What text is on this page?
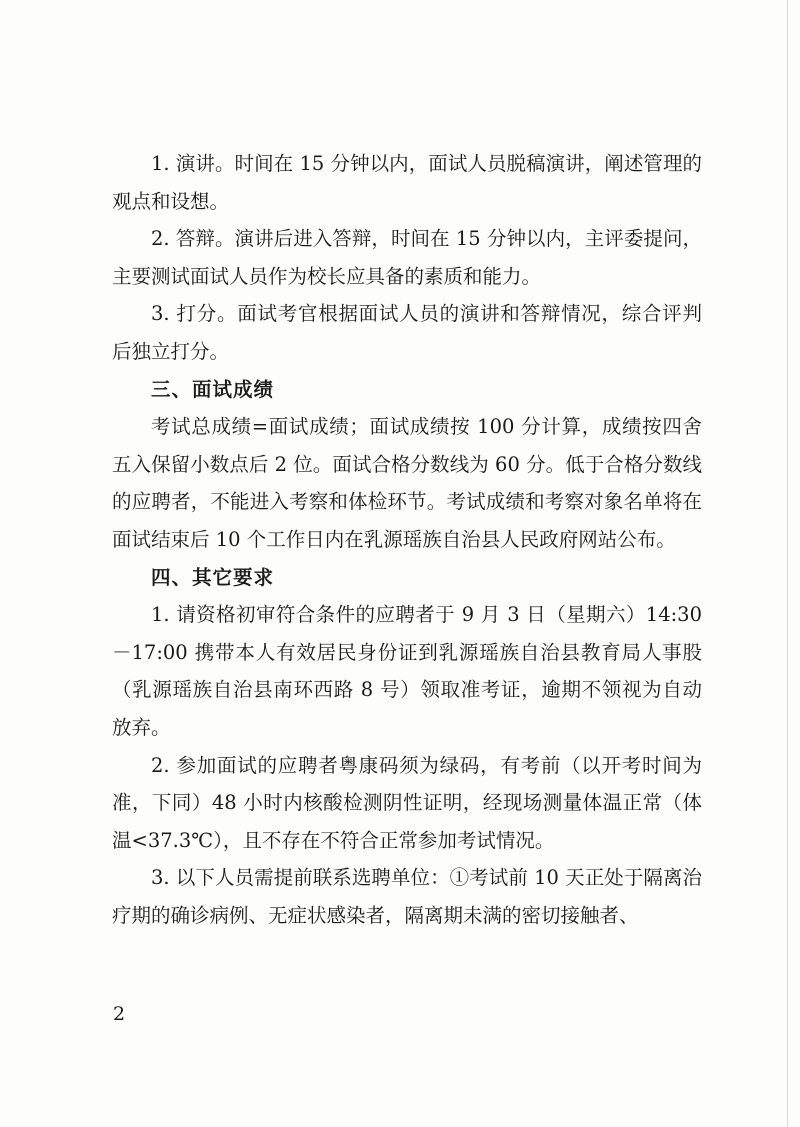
1. 演讲。时间在 15 分钟以内，面试人员脱稿演讲，阐述管理的观点和设想。

2. 答辩。演讲后进入答辩，时间在 15 分钟以内，主评委提问，主要测试面试人员作为校长应具备的素质和能力。

3. 打分。面试考官根据面试人员的演讲和答辩情况，综合评判后独立打分。

三、面试成绩

考试总成绩=面试成绩；面试成绩按 100 分计算，成绩按四舍五入保留小数点后 2 位。面试合格分数线为 60 分。低于合格分数线的应聘者，不能进入考察和体检环节。考试成绩和考察对象名单将在面试结束后 10 个工作日内在乳源瑶族自治县人民政府网站公布。

四、其它要求

1. 请资格初审符合条件的应聘者于 9 月 3 日（星期六）14:30－17:00 携带本人有效居民身份证到乳源瑶族自治县教育局人事股（乳源瑶族自治县南环西路 8 号）领取准考证，逾期不领视为自动放弃。

2. 参加面试的应聘者粤康码须为绿码，有考前（以开考时间为准，下同）48 小时内核酸检测阴性证明，经现场测量体温正常（体温<37.3℃），且不存在不符合正常参加考试情况。

3. 以下人员需提前联系选聘单位：①考试前 10 天正处于隔离治疗期的确诊病例、无症状感染者，隔离期未满的密切接触者、

2
